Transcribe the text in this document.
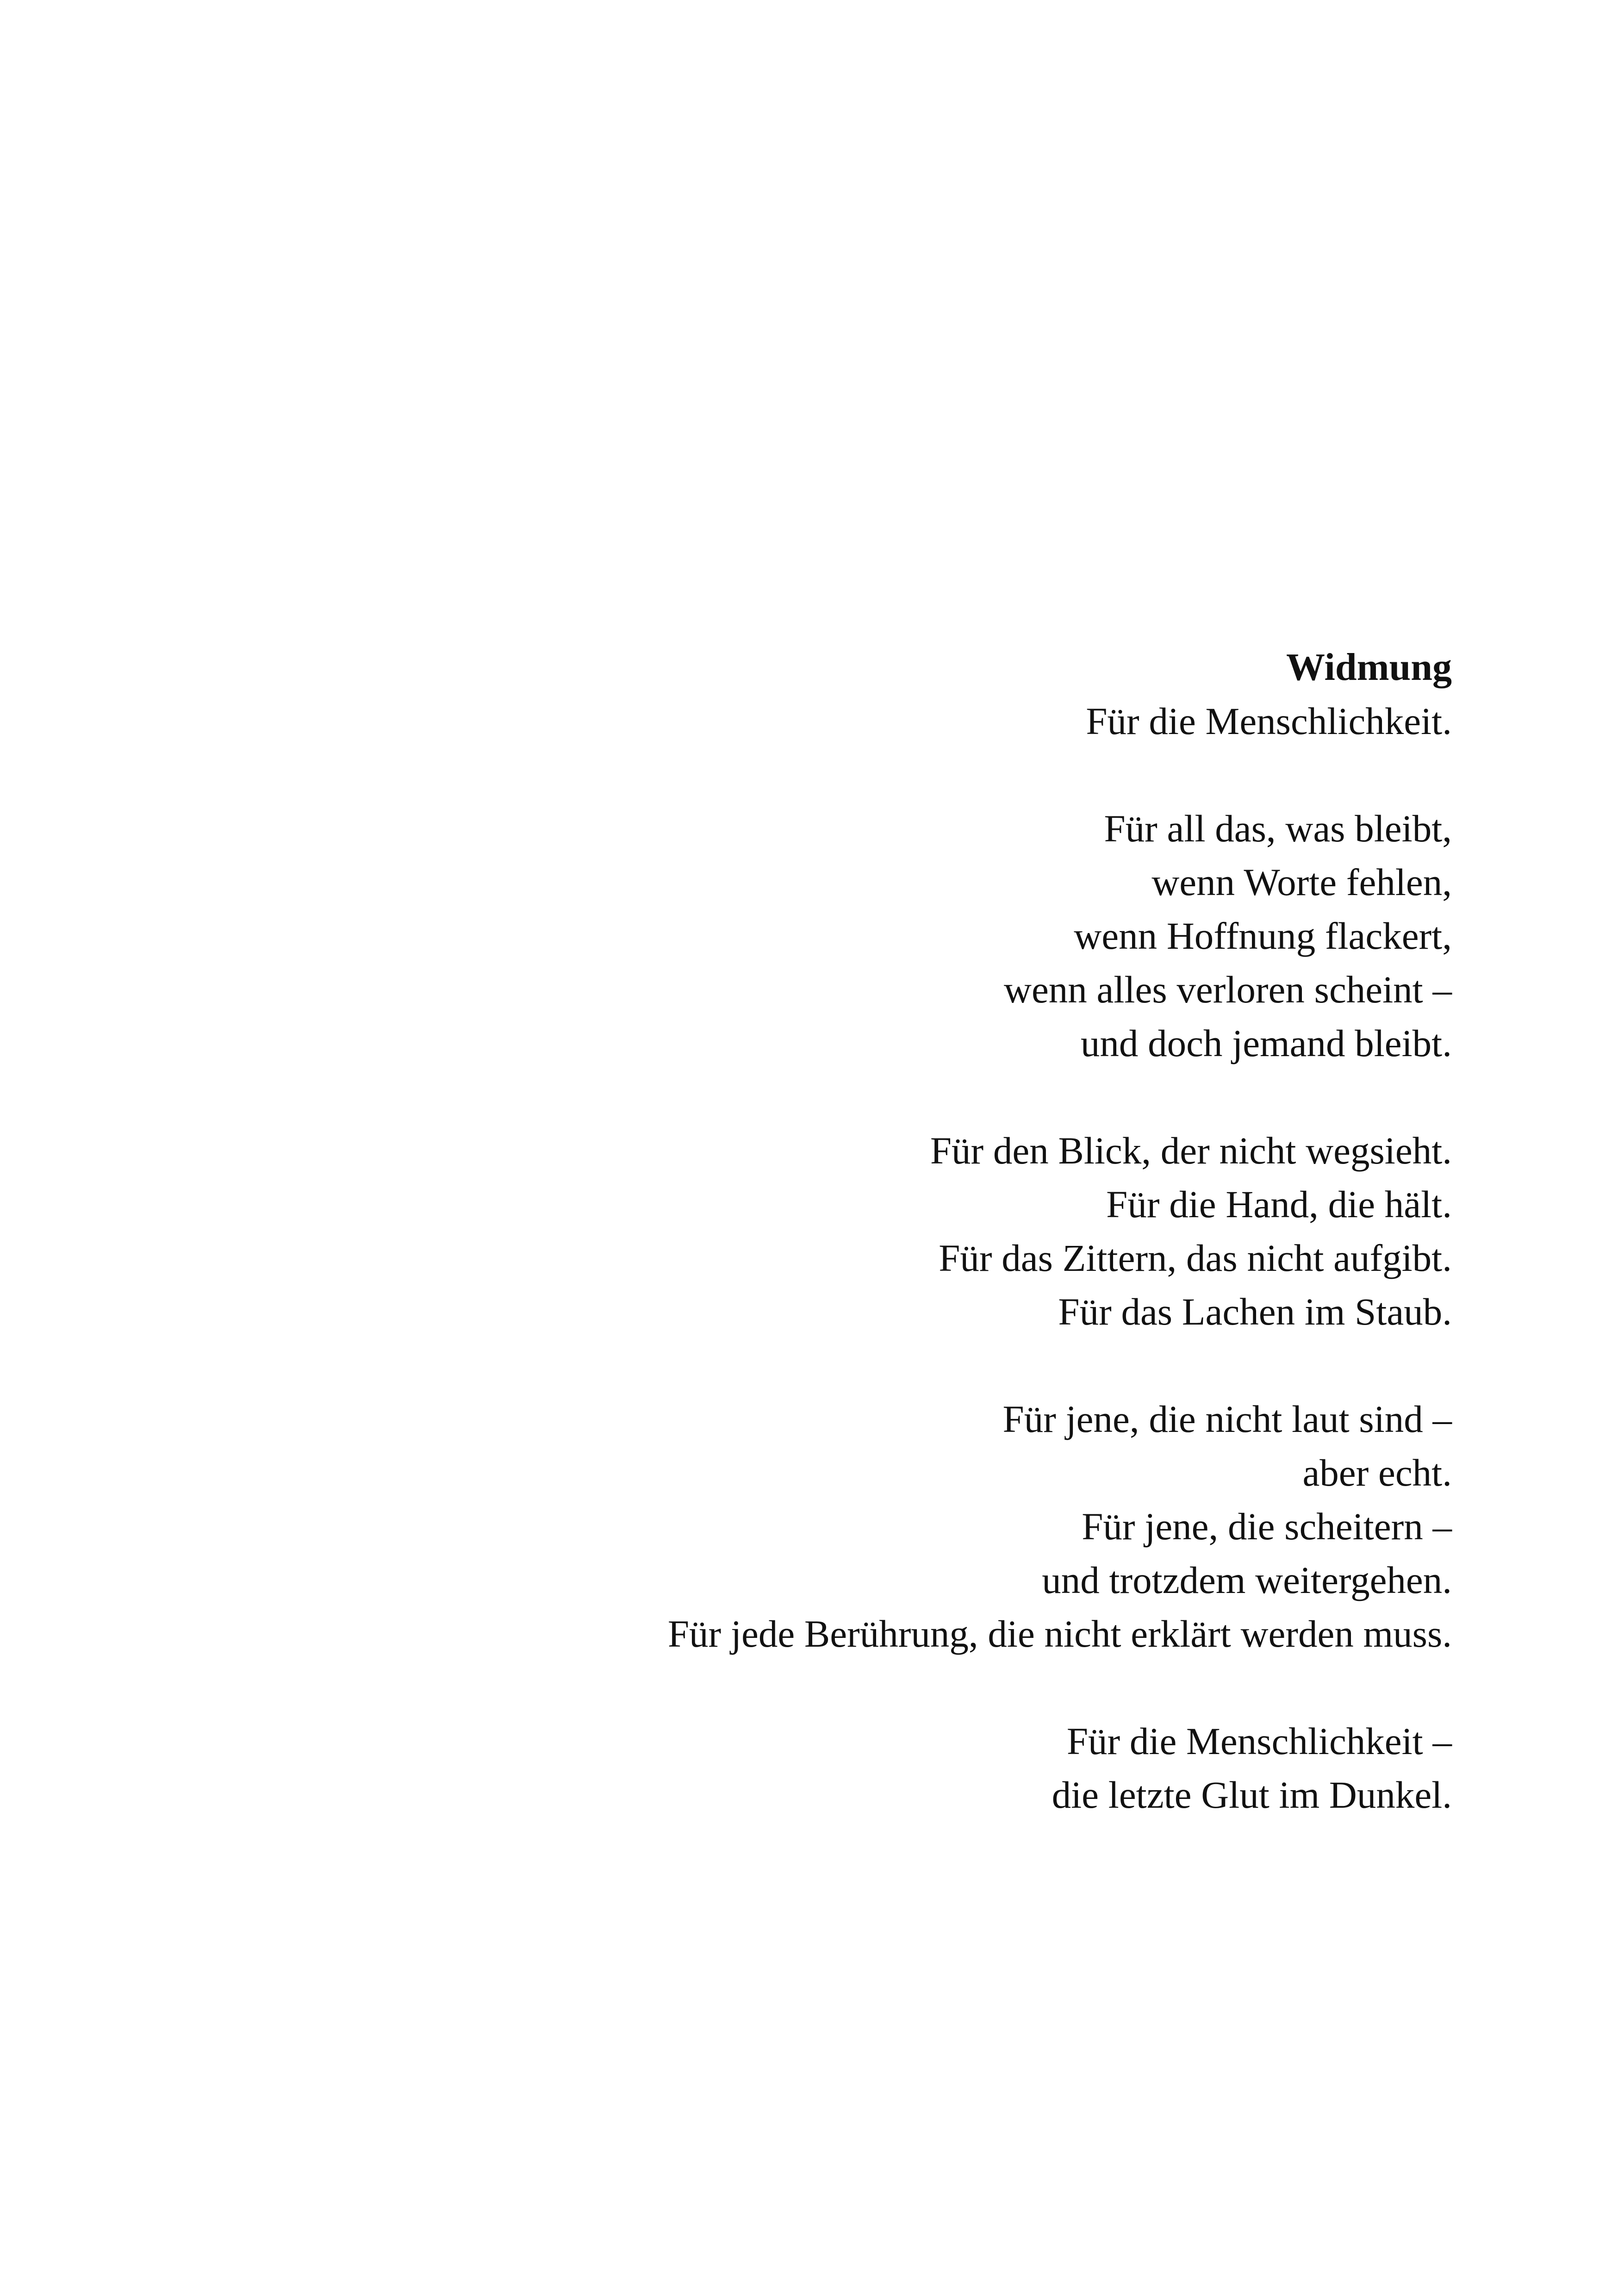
Widmung

Für die Menschlichkeit.

Für all das, was bleibt,
wenn Worte fehlen,
wenn Hoffnung flackert,
wenn alles verloren scheint –
und doch jemand bleibt.

Für den Blick, der nicht wegsieht.
Für die Hand, die hält.
Für das Zittern, das nicht aufgibt.
Für das Lachen im Staub.

Für jene, die nicht laut sind –
aber echt.
Für jene, die scheitern –
und trotzdem weitergehen.
Für jede Berührung, die nicht erklärt werden muss.

Für die Menschlichkeit –
die letzte Glut im Dunkel.
